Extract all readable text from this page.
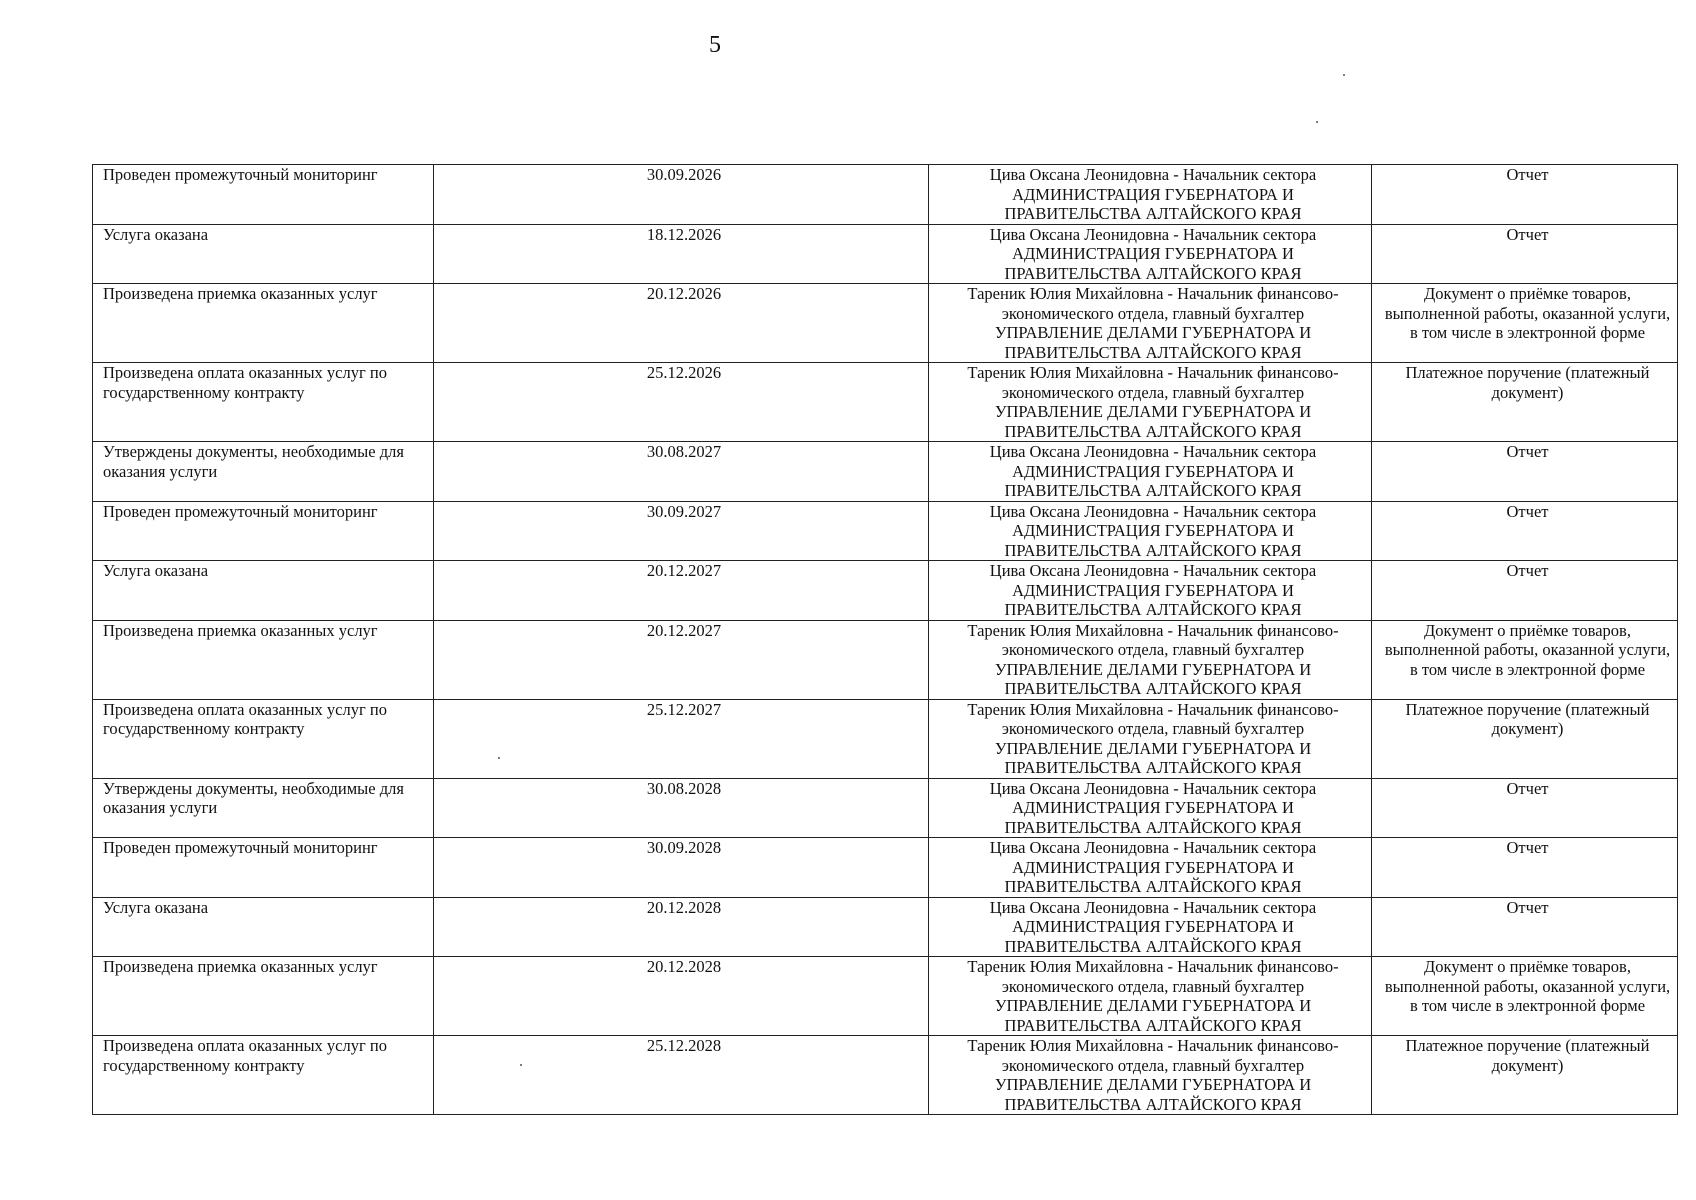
5
Проведен промежуточный мониторинг	30.09.2026	Цива Оксана Леонидовна - Начальник сектора
АДМИНИСТРАЦИЯ ГУБЕРНАТОРА И
ПРАВИТЕЛЬСТВА АЛТАЙСКОГО КРАЯ	Отчет
Услуга оказана	18.12.2026	Цива Оксана Леонидовна - Начальник сектора
АДМИНИСТРАЦИЯ ГУБЕРНАТОРА И
ПРАВИТЕЛЬСТВА АЛТАЙСКОГО КРАЯ	Отчет
Произведена приемка оказанных услуг	20.12.2026	Тареник Юлия Михайловна - Начальник финансово-
экономического отдела, главный бухгалтер
УПРАВЛЕНИЕ ДЕЛАМИ ГУБЕРНАТОРА И
ПРАВИТЕЛЬСТВА АЛТАЙСКОГО КРАЯ	Документ о приёмке товаров, выполненной работы, оказанной услуги, в том числе в электронной форме
Произведена оплата оказанных услуг по государственному контракту	25.12.2026	Тареник Юлия Михайловна - Начальник финансово-
экономического отдела, главный бухгалтер
УПРАВЛЕНИЕ ДЕЛАМИ ГУБЕРНАТОРА И
ПРАВИТЕЛЬСТВА АЛТАЙСКОГО КРАЯ	Платежное поручение (платежный документ)
Утверждены документы, необходимые для оказания услуги	30.08.2027	Цива Оксана Леонидовна - Начальник сектора
АДМИНИСТРАЦИЯ ГУБЕРНАТОРА И
ПРАВИТЕЛЬСТВА АЛТАЙСКОГО КРАЯ	Отчет
Проведен промежуточный мониторинг	30.09.2027	Цива Оксана Леонидовна - Начальник сектора
АДМИНИСТРАЦИЯ ГУБЕРНАТОРА И
ПРАВИТЕЛЬСТВА АЛТАЙСКОГО КРАЯ	Отчет
Услуга оказана	20.12.2027	Цива Оксана Леонидовна - Начальник сектора
АДМИНИСТРАЦИЯ ГУБЕРНАТОРА И
ПРАВИТЕЛЬСТВА АЛТАЙСКОГО КРАЯ	Отчет
Произведена приемка оказанных услуг	20.12.2027	Тареник Юлия Михайловна - Начальник финансово-
экономического отдела, главный бухгалтер
УПРАВЛЕНИЕ ДЕЛАМИ ГУБЕРНАТОРА И
ПРАВИТЕЛЬСТВА АЛТАЙСКОГО КРАЯ	Документ о приёмке товаров, выполненной работы, оказанной услуги, в том числе в электронной форме
Произведена оплата оказанных услуг по государственному контракту	25.12.2027	Тареник Юлия Михайловна - Начальник финансово-
экономического отдела, главный бухгалтер
УПРАВЛЕНИЕ ДЕЛАМИ ГУБЕРНАТОРА И
ПРАВИТЕЛЬСТВА АЛТАЙСКОГО КРАЯ	Платежное поручение (платежный документ)
Утверждены документы, необходимые для оказания услуги	30.08.2028	Цива Оксана Леонидовна - Начальник сектора
АДМИНИСТРАЦИЯ ГУБЕРНАТОРА И
ПРАВИТЕЛЬСТВА АЛТАЙСКОГО КРАЯ	Отчет
Проведен промежуточный мониторинг	30.09.2028	Цива Оксана Леонидовна - Начальник сектора
АДМИНИСТРАЦИЯ ГУБЕРНАТОРА И
ПРАВИТЕЛЬСТВА АЛТАЙСКОГО КРАЯ	Отчет
Услуга оказана	20.12.2028	Цива Оксана Леонидовна - Начальник сектора
АДМИНИСТРАЦИЯ ГУБЕРНАТОРА И
ПРАВИТЕЛЬСТВА АЛТАЙСКОГО КРАЯ	Отчет
Произведена приемка оказанных услуг	20.12.2028	Тареник Юлия Михайловна - Начальник финансово-
экономического отдела, главный бухгалтер
УПРАВЛЕНИЕ ДЕЛАМИ ГУБЕРНАТОРА И
ПРАВИТЕЛЬСТВА АЛТАЙСКОГО КРАЯ	Документ о приёмке товаров, выполненной работы, оказанной услуги, в том числе в электронной форме
Произведена оплата оказанных услуг по государственному контракту	25.12.2028	Тареник Юлия Михайловна - Начальник финансово-
экономического отдела, главный бухгалтер
УПРАВЛЕНИЕ ДЕЛАМИ ГУБЕРНАТОРА И
ПРАВИТЕЛЬСТВА АЛТАЙСКОГО КРАЯ	Платежное поручение (платежный документ)
